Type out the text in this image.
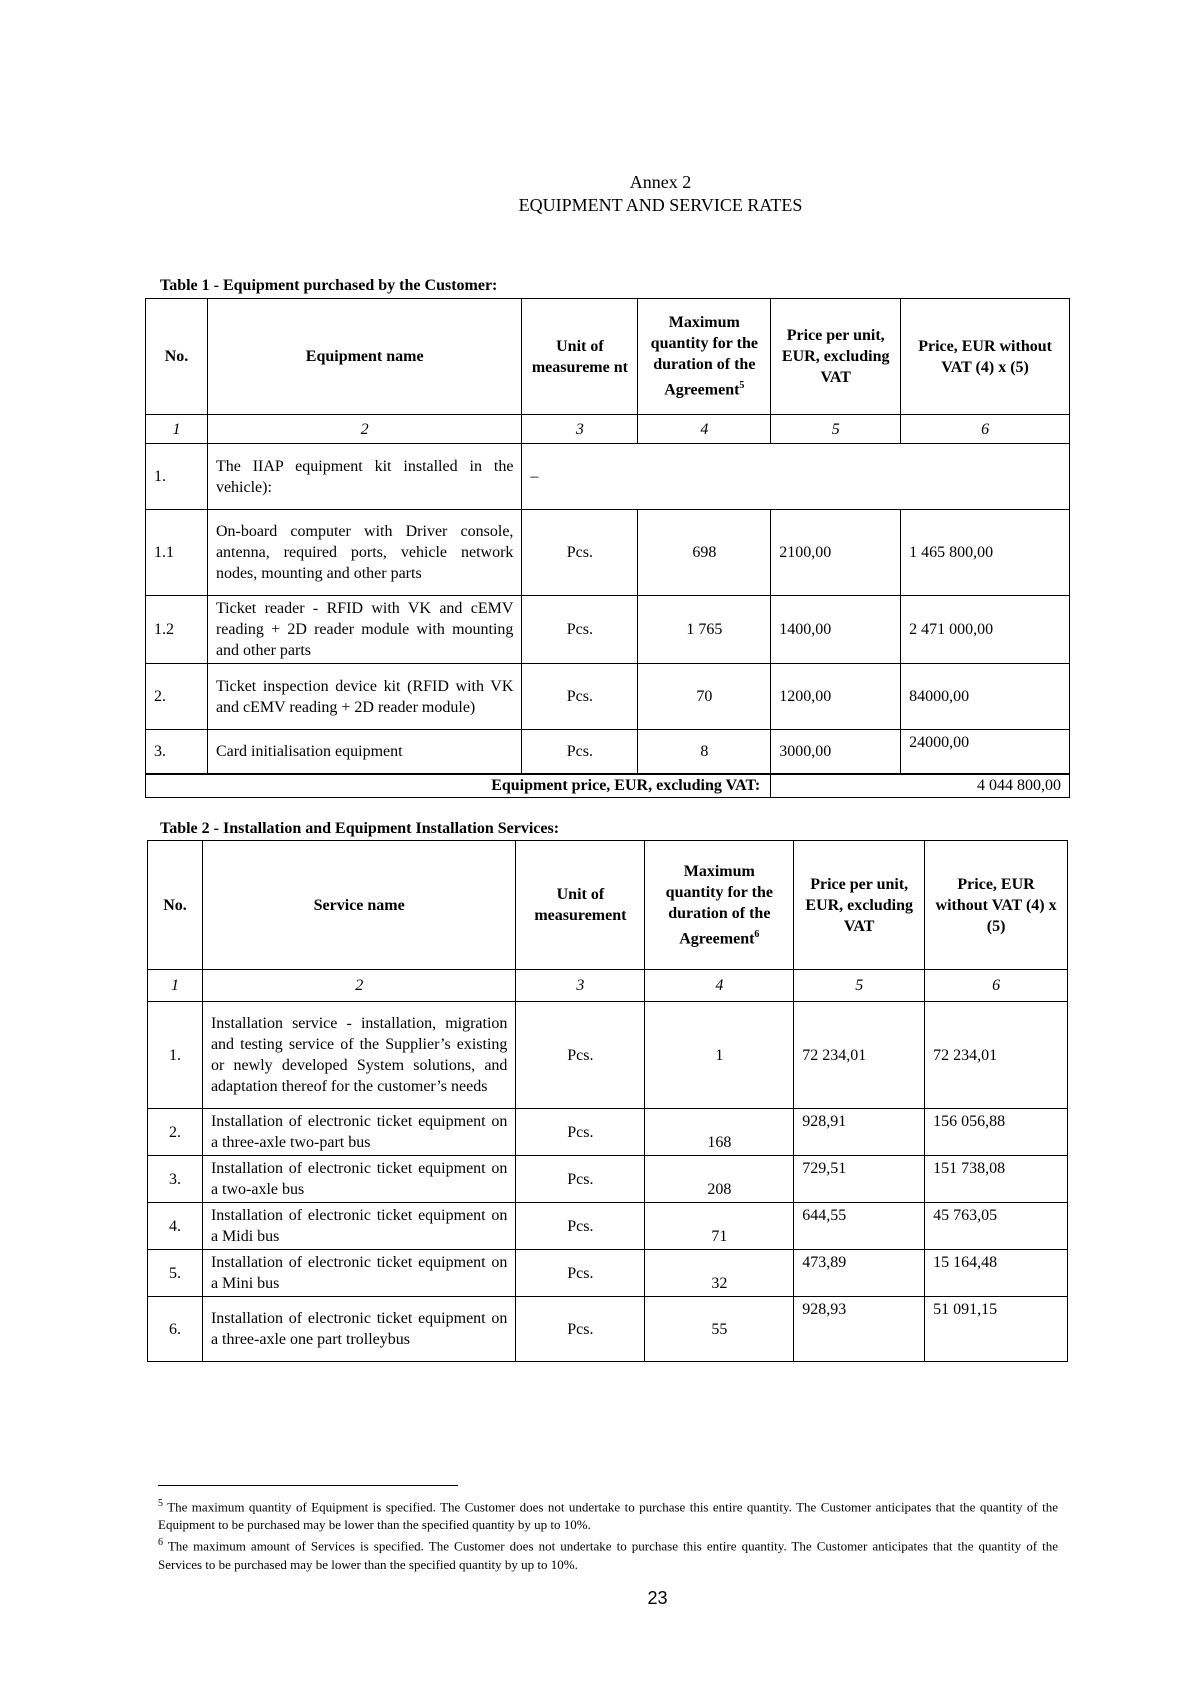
Annex 2
EQUIPMENT AND SERVICE RATES
Table 1 - Equipment purchased by the Customer:
No.	Equipment name	Unit of measureme nt	Maximum quantity for the duration of the Agreement$^5$	Price per unit, EUR, excluding VAT	Price, EUR without VAT (4) x (5)
1	2	3	4	5	6
1.	The IIAP equipment kit installed in the vehicle):	–			
1.1	On-board computer with Driver console, antenna, required ports, vehicle network nodes, mounting and other parts	Pcs.	698	2100,00	1 465 800,00
1.2	Ticket reader - RFID with VK and cEMV reading + 2D reader module with mounting and other parts	Pcs.	1 765	1400,00	2 471 000,00
2.	Ticket inspection device kit (RFID with VK and cEMV reading + 2D reader module)	Pcs.	70	1200,00	84000,00
3.	Card initialisation equipment	Pcs.	8	3000,00	24000,00
Equipment price, EUR, excluding VAT:				4 044 800,00	
Table 2 - Installation and Equipment Installation Services:
No.	Service name	Unit of measurement	Maximum quantity for the duration of the Agreement$^6$	Price per unit, EUR, excluding VAT	Price, EUR without VAT (4) x (5)
1	2	3	4	5	6
1.	Installation service - installation, migration and testing service of the Supplier’s existing or newly developed System solutions, and adaptation thereof for the customer’s needs	Pcs.	1	72 234,01	72 234,01
2.	Installation of electronic ticket equipment on a three-axle two-part bus	Pcs.	168	928,91	156 056,88
3.	Installation of electronic ticket equipment on a two-axle bus	Pcs.	208	729,51	151 738,08
4.	Installation of electronic ticket equipment on a Midi bus	Pcs.	71	644,55	45 763,05
5.	Installation of electronic ticket equipment on a Mini bus	Pcs.	32	473,89	15 164,48
6.	Installation of electronic ticket equipment on a three-axle one part trolleybus	Pcs.	55	928,93	51 091,15

$^5$ The maximum quantity of Equipment is specified. The Customer does not undertake to purchase this entire quantity. The Customer anticipates that the quantity of the Equipment to be purchased may be lower than the specified quantity by up to 10%.

$^6$ The maximum amount of Services is specified. The Customer does not undertake to purchase this entire quantity. The Customer anticipates that the quantity of the Services to be purchased may be lower than the specified quantity by up to 10%.

23
